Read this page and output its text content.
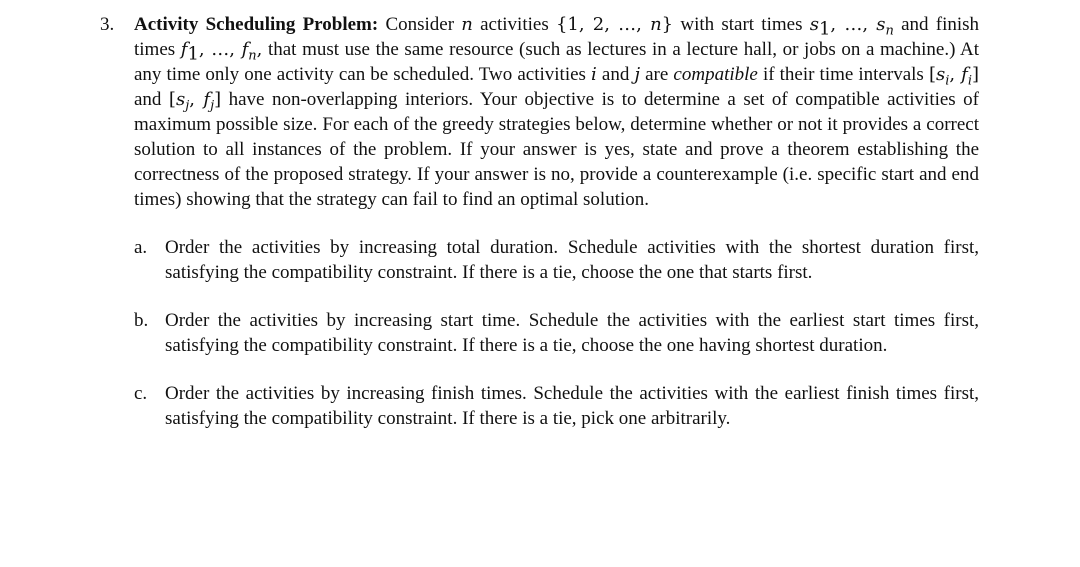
3. Activity Scheduling Problem: Consider n activities {1, 2, …, n} with start times $s_1$, …, $s_n$ and finish times $f_1$, …, $f_n$, that must use the same resource (such as lectures in a lecture hall, or jobs on a machine.) At any time only one activity can be scheduled. Two activities i and j are compatible if their time intervals [$s_i$, $f_i$] and [$s_j$, $f_j$] have non-overlapping interiors. Your objective is to determine a set of compatible activities of maximum possible size. For each of the greedy strategies below, determine whether or not it provides a correct solution to all instances of the problem. If your answer is yes, state and prove a theorem establishing the correctness of the proposed strategy. If your answer is no, provide a counterexample (i.e. specific start and end times) showing that the strategy can fail to find an optimal solution.
a. Order the activities by increasing total duration. Schedule activities with the shortest duration first, satisfying the compatibility constraint. If there is a tie, choose the one that starts first.
b. Order the activities by increasing start time. Schedule the activities with the earliest start times first, satisfying the compatibility constraint. If there is a tie, choose the one having shortest duration.
c. Order the activities by increasing finish times. Schedule the activities with the earliest finish times first, satisfying the compatibility constraint. If there is a tie, pick one arbitrarily.
